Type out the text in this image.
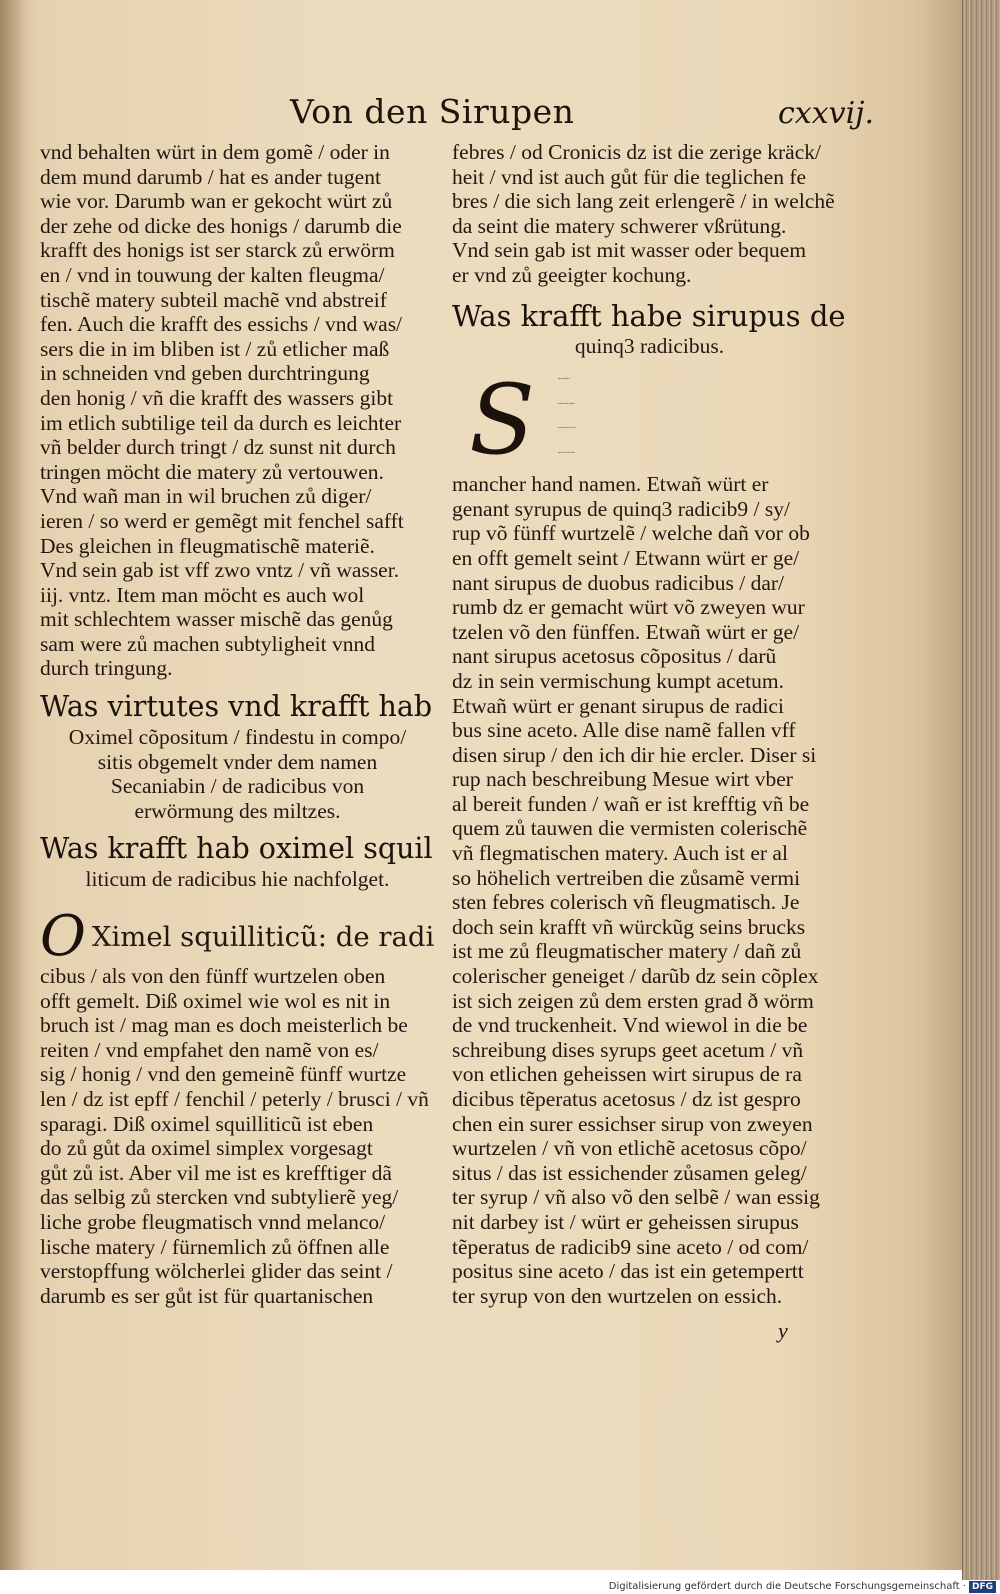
Von den Sirupen	cxxvij.

vnd behalten würt in dem gomẽ / oder in

dem mund darumb / hat es ander tugent

wie vor. Darumb wan er gekocht würt zů

der zehe od dicke des honigs / darumb die

krafft des honigs ist ser starck zů erwörm

en / vnd in touwung der kalten fleugma/

tischẽ matery subteil machẽ vnd abstreif

fen. Auch die krafft des essichs / vnd was/

sers die in im bliben ist / zů etlicher maß

in schneiden vnd geben durchtringung

den honig / vñ die krafft des wassers gibt

im etlich subtilige teil da durch es leichter

vñ belder durch tringt / dz sunst nit durch

tringen möcht die matery zů vertouwen.

Vnd wañ man in wil bruchen zů diger/

ieren / so werd er gemẽgt mit fenchel safft

Des gleichen in fleugmatischẽ materiẽ.

Vnd sein gab ist vff zwo vntz / vñ wasser.

iij. vntz. Item man möcht es auch wol

mit schlechtem wasser mischẽ das genůg

sam were zů machen subtyligheit vnnd

durch tringung.

Was virtutes vnd krafft hab

Oximel cõpositum / findestu in compo/

sitis obgemelt vnder dem namen

Secaniabin / de radicibus von

erwörmung des miltzes.

Was krafft hab oximel squil

liticum de radicibus hie nachfolget.

O Ximel squilliticũ: de radi

cibus / als von den fünff wurtzelen oben

offt gemelt. Diß oximel wie wol es nit in

bruch ist / mag man es doch meisterlich be

reiten / vnd empfahet den namẽ von es/

sig / honig / vnd den gemeinẽ fünff wurtze

len / dz ist epff / fenchil / peterly / brusci / vñ

sparagi. Diß oximel squilliticũ ist eben

do zů gůt da oximel simplex vorgesagt

gůt zů ist. Aber vil me ist es krefftiger dã

das selbig zů stercken vnd subtylierẽ yeg/

liche grobe fleugmatisch vnnd melanco/

lische matery / fürnemlich zů öffnen alle

verstopffung wölcherlei glider das seint /

darumb es ser gůt ist für quartanischen

febres / od Cronicis dz ist die zerige kräck/

heit / vnd ist auch gůt für die teglichen fe

bres / die sich lang zeit erlengerẽ / in welchẽ

da seint die matery schwerer vßrütung.

Vnd sein gab ist mit wasser oder bequem

er vnd zů geeigter kochung.

Was krafft habe sirupus de

quinq3 radicibus.

S	Irupus de quinq3 ra

dicibus den namẽ entpfahet

von fünff wurtzelen. Diser sy/

rup ist ser in bruch vnnd hat

mancher hand namen. Etwañ würt er

genant syrupus de quinq3 radicib9 / sy/

rup võ fünff wurtzelẽ / welche dañ vor ob

en offt gemelt seint / Etwann würt er ge/

nant sirupus de duobus radicibus / dar/

rumb dz er gemacht würt võ zweyen wur

tzelen võ den fünffen. Etwañ würt er ge/

nant sirupus acetosus cõpositus / darũ

dz in sein vermischung kumpt acetum.

Etwañ würt er genant sirupus de radici

bus sine aceto. Alle dise namẽ fallen vff

disen sirup / den ich dir hie ercler. Diser si

rup nach beschreibung Mesue wirt vber

al bereit funden / wañ er ist krefftig vñ be

quem zů tauwen die vermisten colerischẽ

vñ flegmatischen matery. Auch ist er al

so höhelich vertreiben die zůsamẽ vermi

sten febres colerisch vñ fleugmatisch. Je

doch sein krafft vñ würckũg seins brucks

ist me zů fleugmatischer matery / dañ zů

colerischer geneiget / darũb dz sein cõplex

ist sich zeigen zů dem ersten grad ð wörm

de vnd truckenheit. Vnd wiewol in die be

schreibung dises syrups geet acetum / vñ

von etlichen geheissen wirt sirupus de ra

dicibus tẽperatus acetosus / dz ist gespro

chen ein surer essichser sirup von zweyen

wurtzelen / vñ von etlichẽ acetosus cõpo/

situs / das ist essichender zůsamen geleg/

ter syrup / vñ also võ den selbẽ / wan essig

nit darbey ist / würt er geheissen sirupus

tẽperatus de radicib9 sine aceto / od com/

positus sine aceto / das ist ein getempertt

ter syrup von den wurtzelen on essich.

y
Digitalisierung gefördert durch die Deutsche Forschungsgemeinschaft · DFG
